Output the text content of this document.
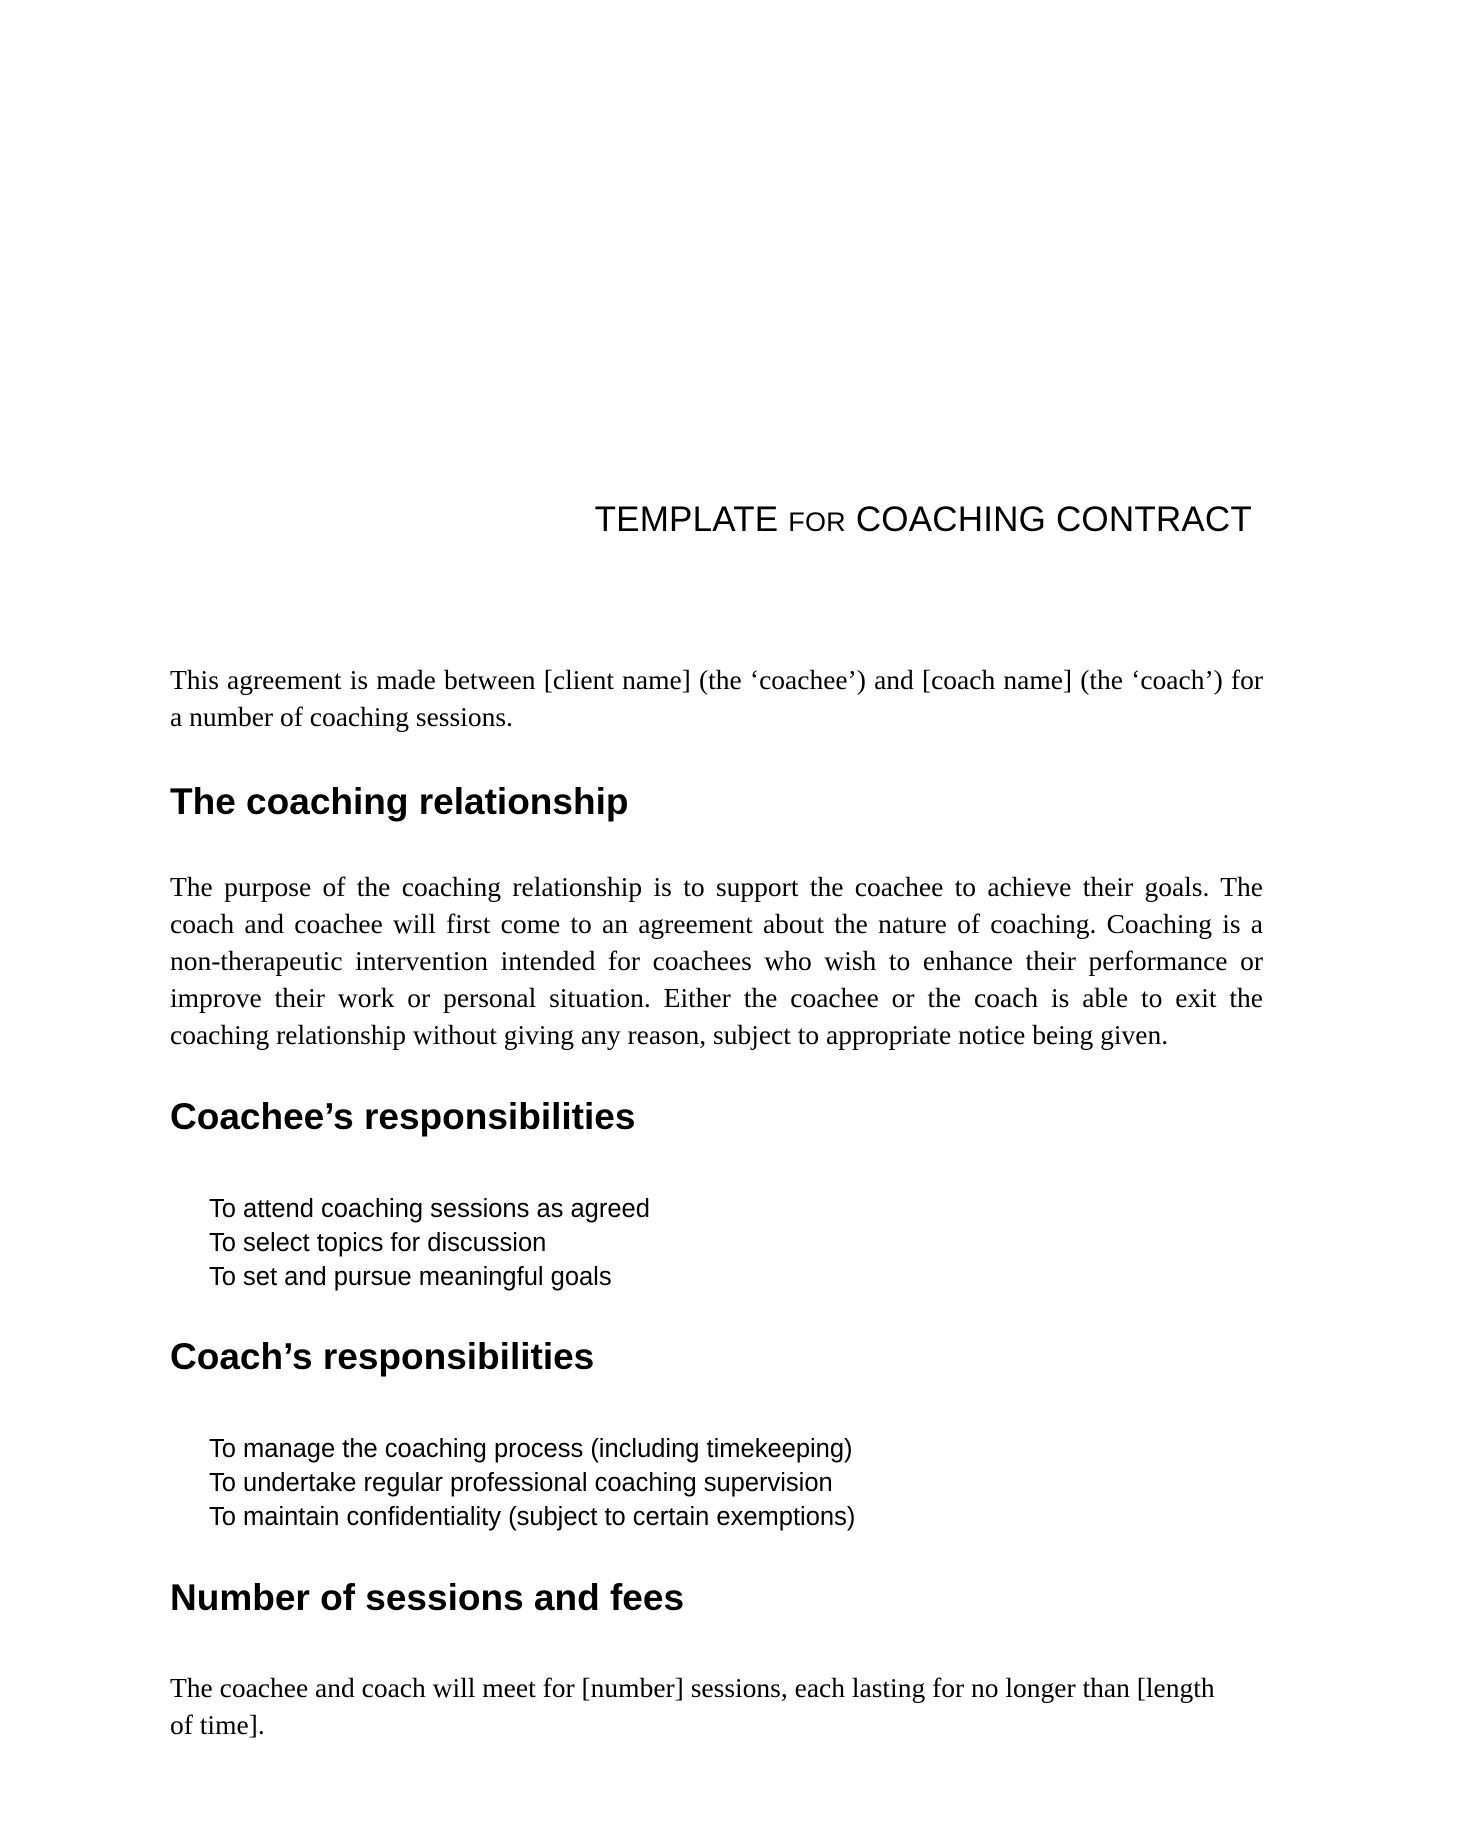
TEMPLATE FOR COACHING CONTRACT

This agreement is made between [client name] (the ‘coachee’) and [coach name] (the ‘coach’) for a number of coaching sessions.

The coaching relationship

The purpose of the coaching relationship is to support the coachee to achieve their goals. The coach and coachee will first come to an agreement about the nature of coaching. Coaching is a non-therapeutic intervention intended for coachees who wish to enhance their performance or improve their work or personal situation. Either the coachee or the coach is able to exit the coaching relationship without giving any reason, subject to appropriate notice being given.

Coachee’s responsibilities
To attend coaching sessions as agreed
To select topics for discussion
To set and pursue meaningful goals
Coach’s responsibilities
To manage the coaching process (including timekeeping)
To undertake regular professional coaching supervision
To maintain confidentiality (subject to certain exemptions)
Number of sessions and fees

The coachee and coach will meet for [number] sessions, each lasting for no longer than [length of time].
